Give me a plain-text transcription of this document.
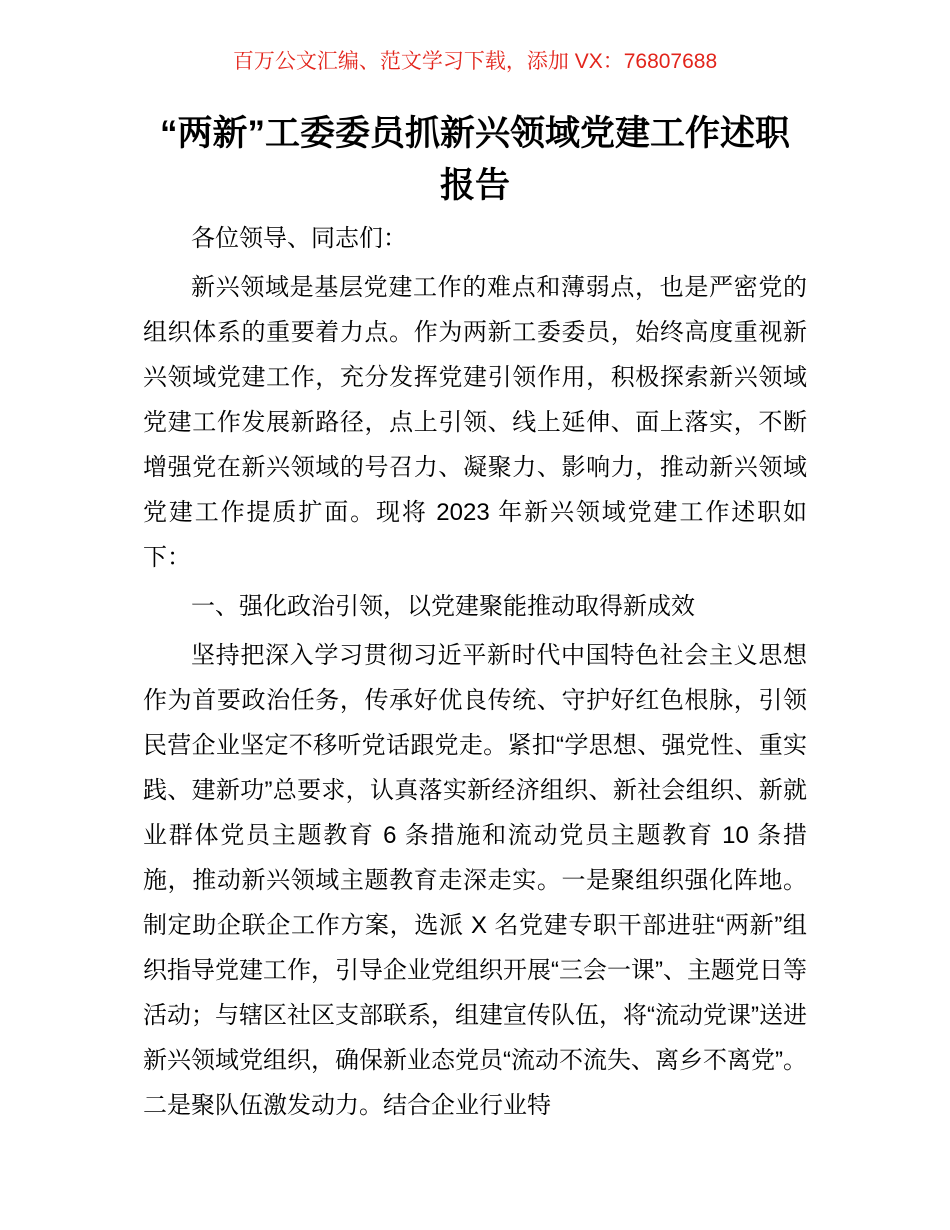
百万公文汇编、范文学习下载，添加 VX：76807688

“两新”工委委员抓新兴领域党建工作述职报告

各位领导、同志们：

新兴领域是基层党建工作的难点和薄弱点，也是严密党的组织体系的重要着力点。作为两新工委委员，始终高度重视新兴领域党建工作，充分发挥党建引领作用，积极探索新兴领域党建工作发展新路径，点上引领、线上延伸、面上落实，不断增强党在新兴领域的号召力、凝聚力、影响力，推动新兴领域党建工作提质扩面。现将 2023 年新兴领域党建工作述职如下：

一、强化政治引领，以党建聚能推动取得新成效

坚持把深入学习贯彻习近平新时代中国特色社会主义思想作为首要政治任务，传承好优良传统、守护好红色根脉，引领民营企业坚定不移听党话跟党走。紧扣“学思想、强党性、重实践、建新功”总要求，认真落实新经济组织、新社会组织、新就业群体党员主题教育 6 条措施和流动党员主题教育 10 条措施，推动新兴领域主题教育走深走实。一是聚组织强化阵地。制定助企联企工作方案，选派 X 名党建专职干部进驻“两新”组织指导党建工作，引导企业党组织开展“三会一课”、主题党日等活动；与辖区社区支部联系，组建宣传队伍，将“流动党课”送进新兴领域党组织，确保新业态党员“流动不流失、离乡不离党”。二是聚队伍激发动力。结合企业行业特
